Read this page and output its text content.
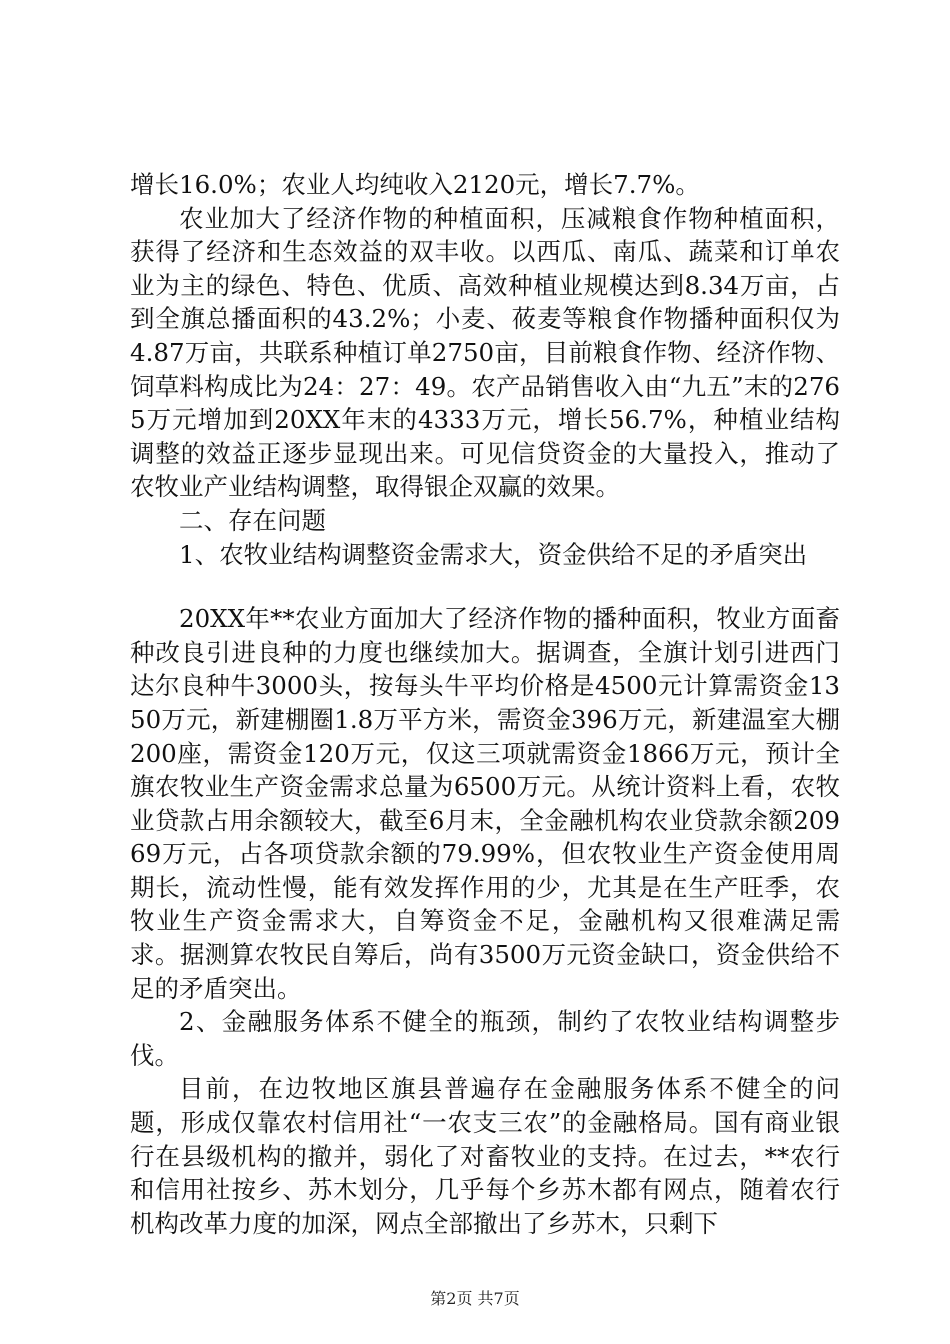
增长16.0%；农业人均纯收入2120元，增长7.7%。

农业加大了经济作物的种植面积，压减粮食作物种植面积，获得了经济和生态效益的双丰收。以西瓜、南瓜、蔬菜和订单农业为主的绿色、特色、优质、高效种植业规模达到8.34万亩，占到全旗总播面积的43.2%；小麦、莜麦等粮食作物播种面积仅为4.87万亩，共联系种植订单2750亩，目前粮食作物、经济作物、饲草料构成比为24：27：49。农产品销售收入由“九五”末的2765万元增加到20XX年末的4333万元，增长56.7%，种植业结构调整的效益正逐步显现出来。可见信贷资金的大量投入，推动了农牧业产业结构调整，取得银企双赢的效果。

二、存在问题

1、农牧业结构调整资金需求大，资金供给不足的矛盾突出

20XX年**农业方面加大了经济作物的播种面积，牧业方面畜种改良引进良种的力度也继续加大。据调查，全旗计划引进西门达尔良种牛3000头，按每头牛平均价格是4500元计算需资金1350万元，新建棚圈1.8万平方米，需资金396万元，新建温室大棚200座，需资金120万元，仅这三项就需资金1866万元，预计全旗农牧业生产资金需求总量为6500万元。从统计资料上看，农牧业贷款占用余额较大，截至6月末，全金融机构农业贷款余额20969万元，占各项贷款余额的79.99%，但农牧业生产资金使用周期长，流动性慢，能有效发挥作用的少，尤其是在生产旺季，农牧业生产资金需求大，自筹资金不足，金融机构又很难满足需求。据测算农牧民自筹后，尚有3500万元资金缺口，资金供给不足的矛盾突出。

2、金融服务体系不健全的瓶颈，制约了农牧业结构调整步伐。

目前，在边牧地区旗县普遍存在金融服务体系不健全的问题，形成仅靠农村信用社“一农支三农”的金融格局。国有商业银行在县级机构的撤并，弱化了对畜牧业的支持。在过去，**农行和信用社按乡、苏木划分，几乎每个乡苏木都有网点，随着农行机构改革力度的加深，网点全部撤出了乡苏木，只剩下

第2页 共7页
